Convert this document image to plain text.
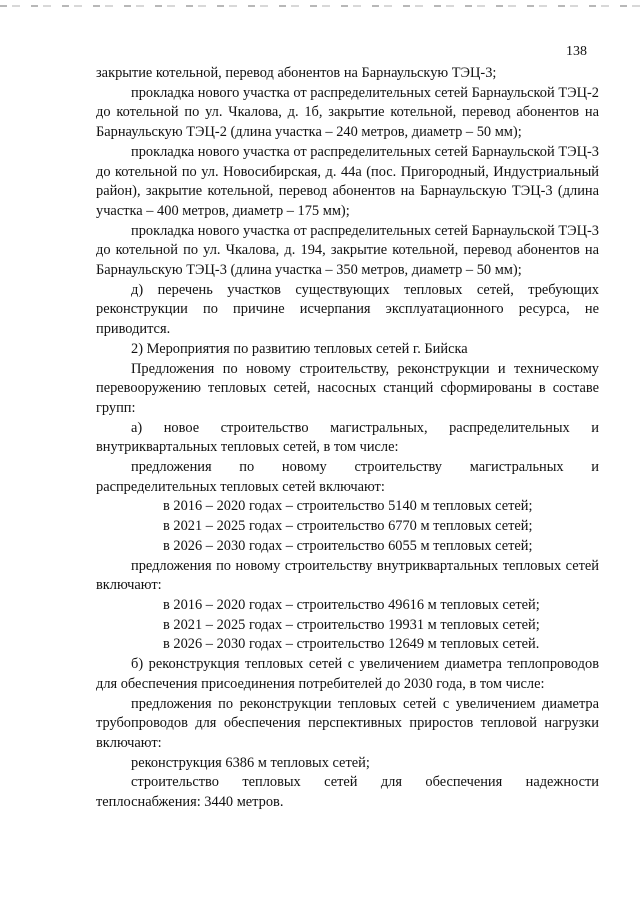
138

закрытие котельной, перевод абонентов на Барнаульскую ТЭЦ-3;

прокладка нового участка от распределительных сетей Барнаульской ТЭЦ-2 до котельной по ул. Чкалова, д. 1б, закрытие котельной, перевод абонентов на Барнаульскую ТЭЦ-2 (длина участка – 240 метров, диаметр – 50 мм);

прокладка нового участка от распределительных сетей Барнаульской ТЭЦ-3 до котельной по ул. Новосибирская, д. 44а (пос. Пригородный, Индустриальный район), закрытие котельной, перевод абонентов на Барнаульскую ТЭЦ-3 (длина участка – 400 метров, диаметр – 175 мм);

прокладка нового участка от распределительных сетей Барнаульской ТЭЦ-3 до котельной по ул. Чкалова, д. 194, закрытие котельной, перевод абонентов на Барнаульскую ТЭЦ-3 (длина участка – 350 метров, диаметр – 50 мм);

д) перечень участков существующих тепловых сетей, требующих реконструкции по причине исчерпания эксплуатационного ресурса, не приводится.

2) Мероприятия по развитию тепловых сетей г. Бийска

Предложения по новому строительству, реконструкции и техническому перевооружению тепловых сетей, насосных станций сформированы в составе групп:

а) новое строительство магистральных, распределительных и внутриквартальных тепловых сетей, в том числе:

предложения по новому строительству магистральных и распределительных тепловых сетей включают:

в 2016 – 2020 годах – строительство 5140 м тепловых сетей;

в 2021 – 2025 годах – строительство 6770 м тепловых сетей;

в 2026 – 2030 годах – строительство 6055 м тепловых сетей;

предложения по новому строительству внутриквартальных тепловых сетей включают:

в 2016 – 2020 годах – строительство 49616 м тепловых сетей;

в 2021 – 2025 годах – строительство 19931 м тепловых сетей;

в 2026 – 2030 годах – строительство 12649 м тепловых сетей.

б) реконструкция тепловых сетей с увеличением диаметра теплопроводов для обеспечения присоединения потребителей до 2030 года, в том числе:

предложения по реконструкции тепловых сетей с увеличением диаметра трубопроводов для обеспечения перспективных приростов тепловой нагрузки включают:

реконструкция 6386 м тепловых сетей;

строительство тепловых сетей для обеспечения надежности теплоснабжения: 3440 метров.
